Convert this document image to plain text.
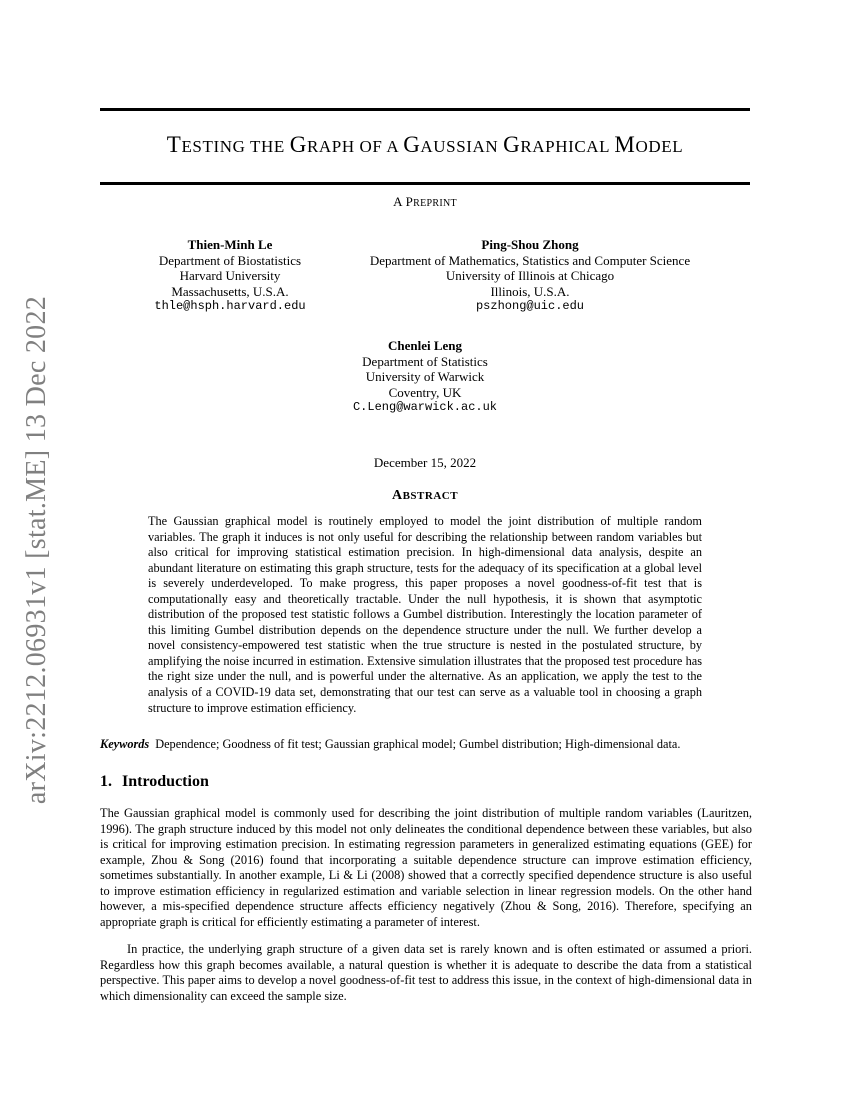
arXiv:2212.06931v1 [stat.ME] 13 Dec 2022
TESTING THE GRAPH OF A GAUSSIAN GRAPHICAL MODEL
A PREPRINT
Thien-Minh Le
Department of Biostatistics
Harvard University
Massachusetts, U.S.A.
thle@hsph.harvard.edu
Ping-Shou Zhong
Department of Mathematics, Statistics and Computer Science
University of Illinois at Chicago
Illinois, U.S.A.
pszhong@uic.edu
Chenlei Leng
Department of Statistics
University of Warwick
Coventry, UK
C.Leng@warwick.ac.uk
December 15, 2022
ABSTRACT

The Gaussian graphical model is routinely employed to model the joint distribution of multiple random variables. The graph it induces is not only useful for describing the relationship between random variables but also critical for improving statistical estimation precision. In high-dimensional data analysis, despite an abundant literature on estimating this graph structure, tests for the adequacy of its specification at a global level is severely underdeveloped. To make progress, this paper proposes a novel goodness-of-fit test that is computationally easy and theoretically tractable. Under the null hypothesis, it is shown that asymptotic distribution of the proposed test statistic follows a Gumbel distribution. Interestingly the location parameter of this limiting Gumbel distribution depends on the dependence structure under the null. We further develop a novel consistency-empowered test statistic when the true structure is nested in the postulated structure, by amplifying the noise incurred in estimation. Extensive simulation illustrates that the proposed test procedure has the right size under the null, and is powerful under the alternative. As an application, we apply the test to the analysis of a COVID-19 data set, demonstrating that our test can serve as a valuable tool in choosing a graph structure to improve estimation efficiency.

Keywords Dependence; Goodness of fit test; Gaussian graphical model; Gumbel distribution; High-dimensional data.

1. Introduction

The Gaussian graphical model is commonly used for describing the joint distribution of multiple random variables (Lauritzen, 1996). The graph structure induced by this model not only delineates the conditional dependence between these variables, but also is critical for improving estimation precision. In estimating regression parameters in generalized estimating equations (GEE) for example, Zhou & Song (2016) found that incorporating a suitable dependence structure can improve estimation efficiency, sometimes substantially. In another example, Li & Li (2008) showed that a correctly specified dependence structure is also useful to improve estimation efficiency in regularized estimation and variable selection in linear regression models. On the other hand however, a mis-specified dependence structure affects efficiency negatively (Zhou & Song, 2016). Therefore, specifying an appropriate graph is critical for efficiently estimating a parameter of interest.

In practice, the underlying graph structure of a given data set is rarely known and is often estimated or assumed a priori. Regardless how this graph becomes available, a natural question is whether it is adequate to describe the data from a statistical perspective. This paper aims to develop a novel goodness-of-fit test to address this issue, in the context of high-dimensional data in which dimensionality can exceed the sample size.
